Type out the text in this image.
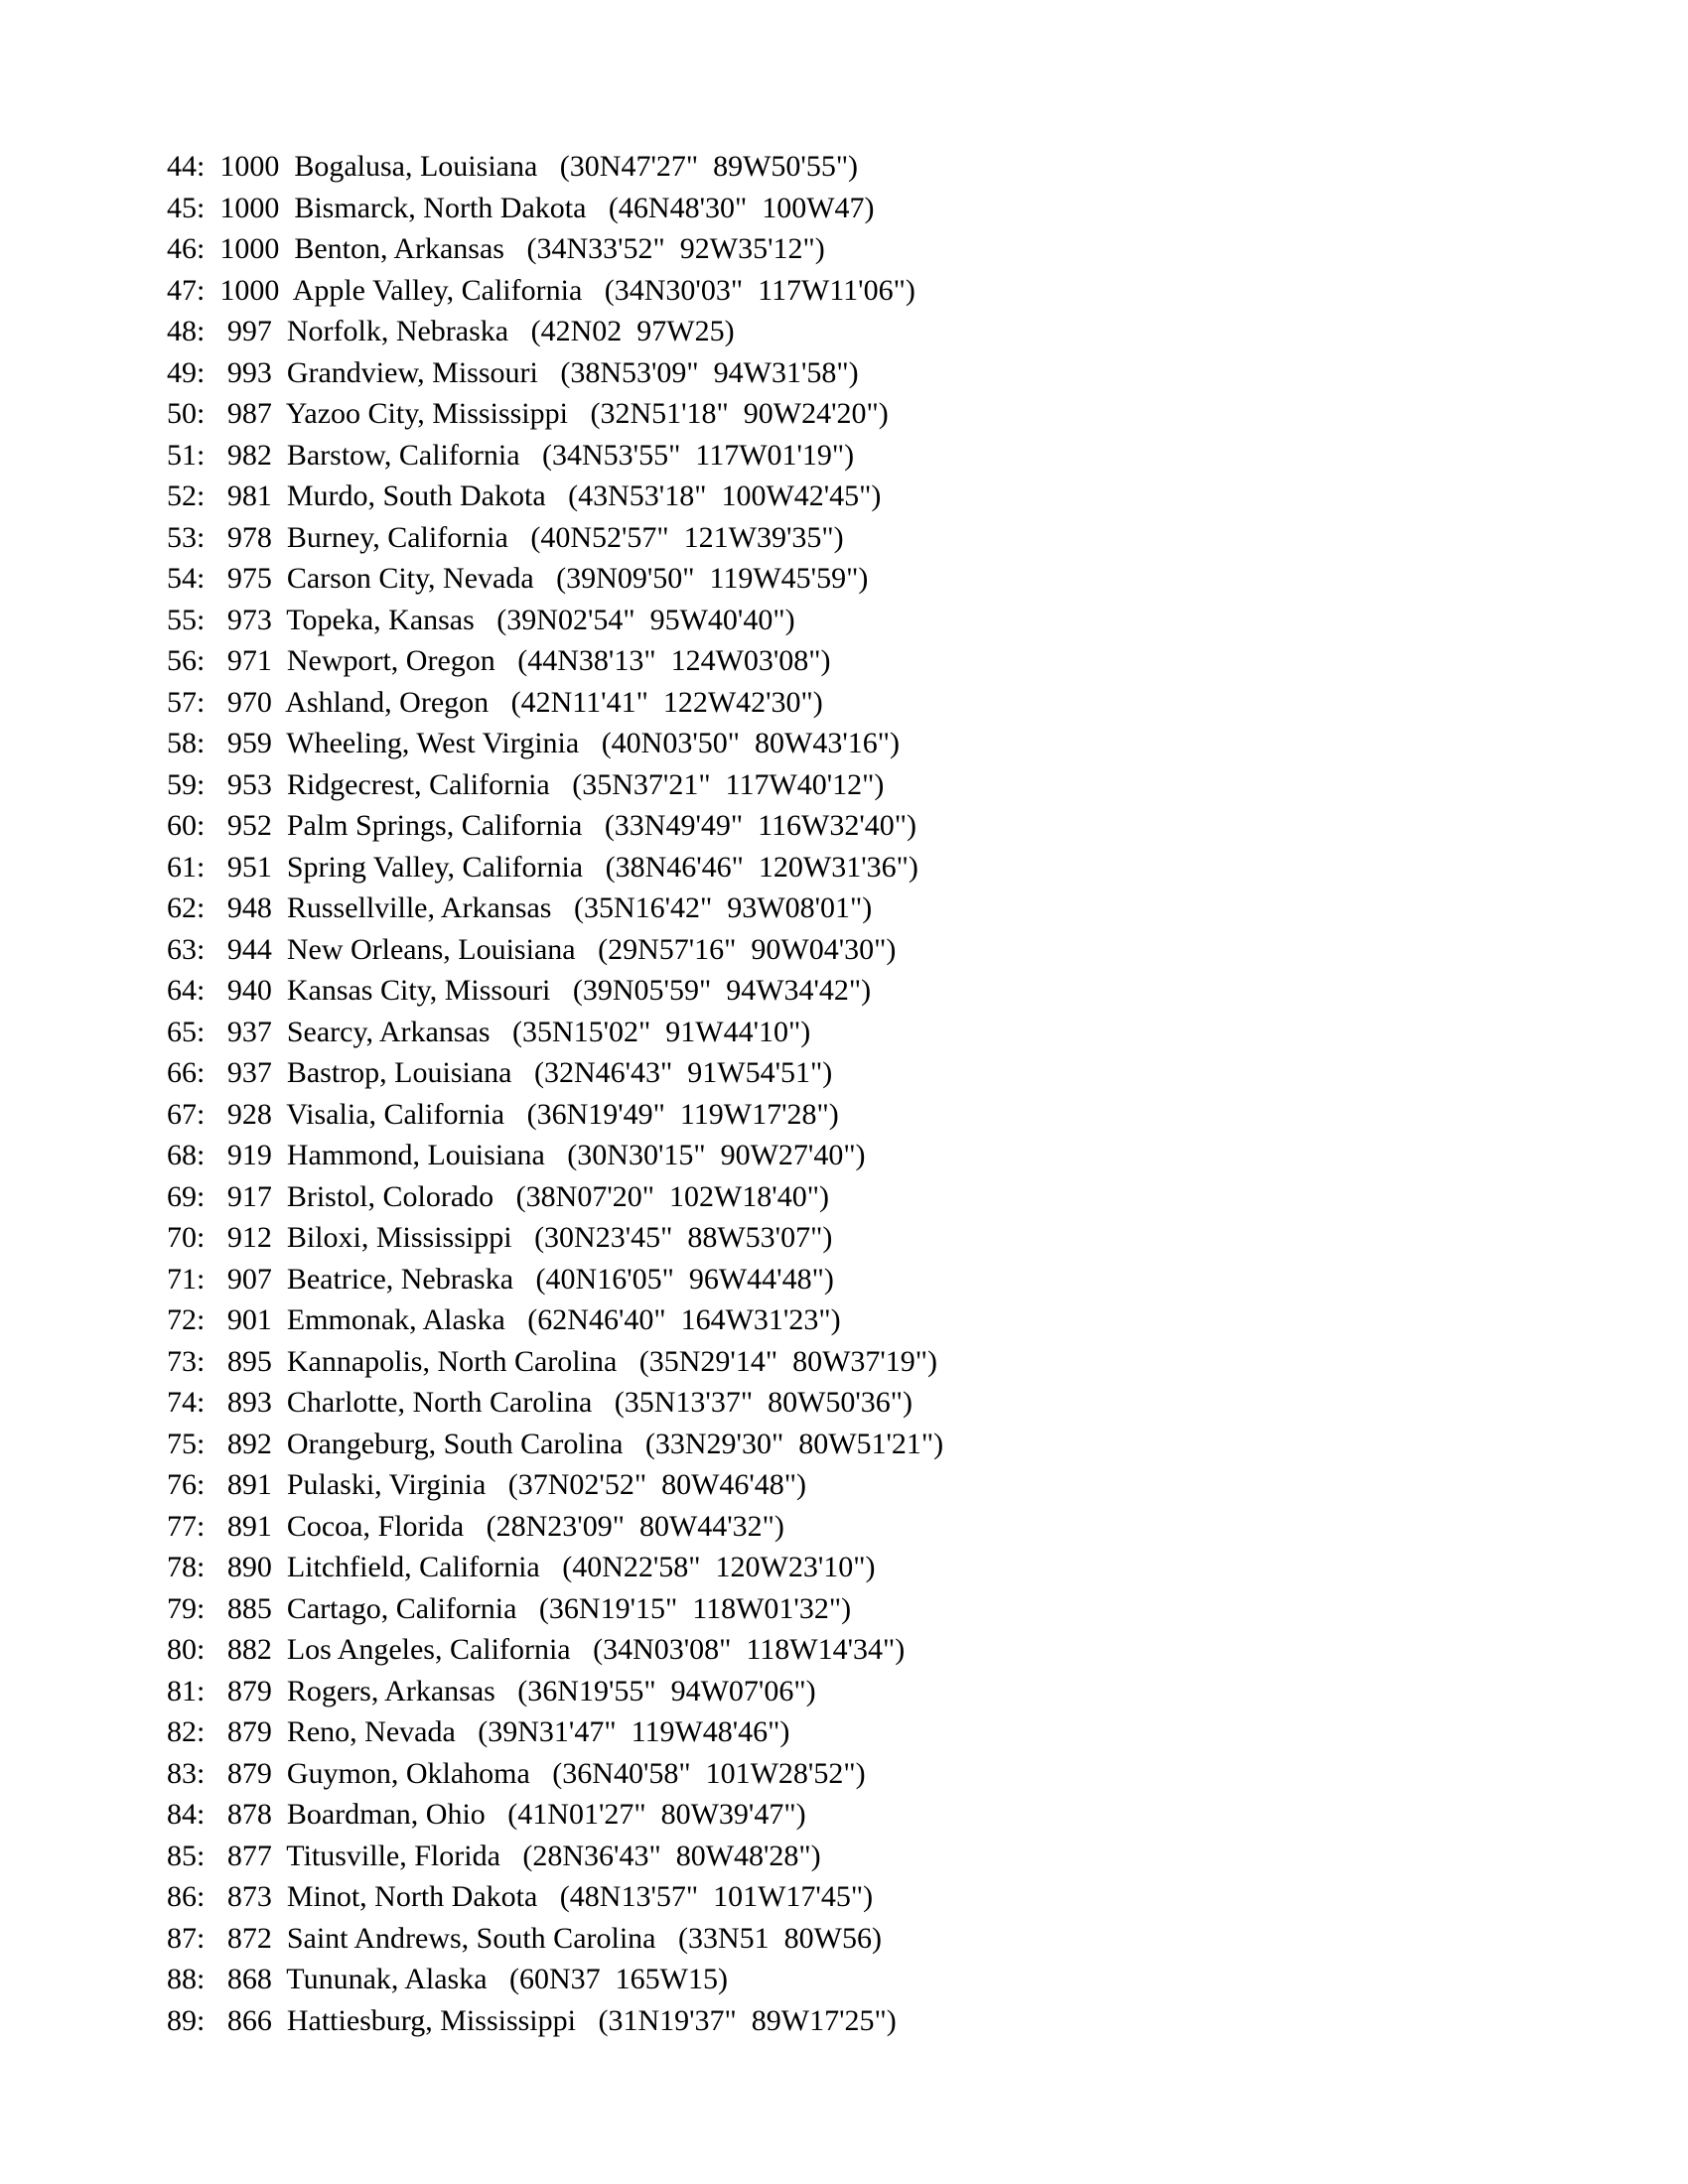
44:  1000  Bogalusa, Louisiana   (30N47'27"  89W50'55")
45:  1000  Bismarck, North Dakota   (46N48'30"  100W47)
46:  1000  Benton, Arkansas   (34N33'52"  92W35'12")
47:  1000  Apple Valley, California   (34N30'03"  117W11'06")
48:   997  Norfolk, Nebraska   (42N02  97W25)
49:   993  Grandview, Missouri   (38N53'09"  94W31'58")
50:   987  Yazoo City, Mississippi   (32N51'18"  90W24'20")
51:   982  Barstow, California   (34N53'55"  117W01'19")
52:   981  Murdo, South Dakota   (43N53'18"  100W42'45")
53:   978  Burney, California   (40N52'57"  121W39'35")
54:   975  Carson City, Nevada   (39N09'50"  119W45'59")
55:   973  Topeka, Kansas   (39N02'54"  95W40'40")
56:   971  Newport, Oregon   (44N38'13"  124W03'08")
57:   970  Ashland, Oregon   (42N11'41"  122W42'30")
58:   959  Wheeling, West Virginia   (40N03'50"  80W43'16")
59:   953  Ridgecrest, California   (35N37'21"  117W40'12")
60:   952  Palm Springs, California   (33N49'49"  116W32'40")
61:   951  Spring Valley, California   (38N46'46"  120W31'36")
62:   948  Russellville, Arkansas   (35N16'42"  93W08'01")
63:   944  New Orleans, Louisiana   (29N57'16"  90W04'30")
64:   940  Kansas City, Missouri   (39N05'59"  94W34'42")
65:   937  Searcy, Arkansas   (35N15'02"  91W44'10")
66:   937  Bastrop, Louisiana   (32N46'43"  91W54'51")
67:   928  Visalia, California   (36N19'49"  119W17'28")
68:   919  Hammond, Louisiana   (30N30'15"  90W27'40")
69:   917  Bristol, Colorado   (38N07'20"  102W18'40")
70:   912  Biloxi, Mississippi   (30N23'45"  88W53'07")
71:   907  Beatrice, Nebraska   (40N16'05"  96W44'48")
72:   901  Emmonak, Alaska   (62N46'40"  164W31'23")
73:   895  Kannapolis, North Carolina   (35N29'14"  80W37'19")
74:   893  Charlotte, North Carolina   (35N13'37"  80W50'36")
75:   892  Orangeburg, South Carolina   (33N29'30"  80W51'21")
76:   891  Pulaski, Virginia   (37N02'52"  80W46'48")
77:   891  Cocoa, Florida   (28N23'09"  80W44'32")
78:   890  Litchfield, California   (40N22'58"  120W23'10")
79:   885  Cartago, California   (36N19'15"  118W01'32")
80:   882  Los Angeles, California   (34N03'08"  118W14'34")
81:   879  Rogers, Arkansas   (36N19'55"  94W07'06")
82:   879  Reno, Nevada   (39N31'47"  119W48'46")
83:   879  Guymon, Oklahoma   (36N40'58"  101W28'52")
84:   878  Boardman, Ohio   (41N01'27"  80W39'47")
85:   877  Titusville, Florida   (28N36'43"  80W48'28")
86:   873  Minot, North Dakota   (48N13'57"  101W17'45")
87:   872  Saint Andrews, South Carolina   (33N51  80W56)
88:   868  Tununak, Alaska   (60N37  165W15)
89:   866  Hattiesburg, Mississippi   (31N19'37"  89W17'25")
